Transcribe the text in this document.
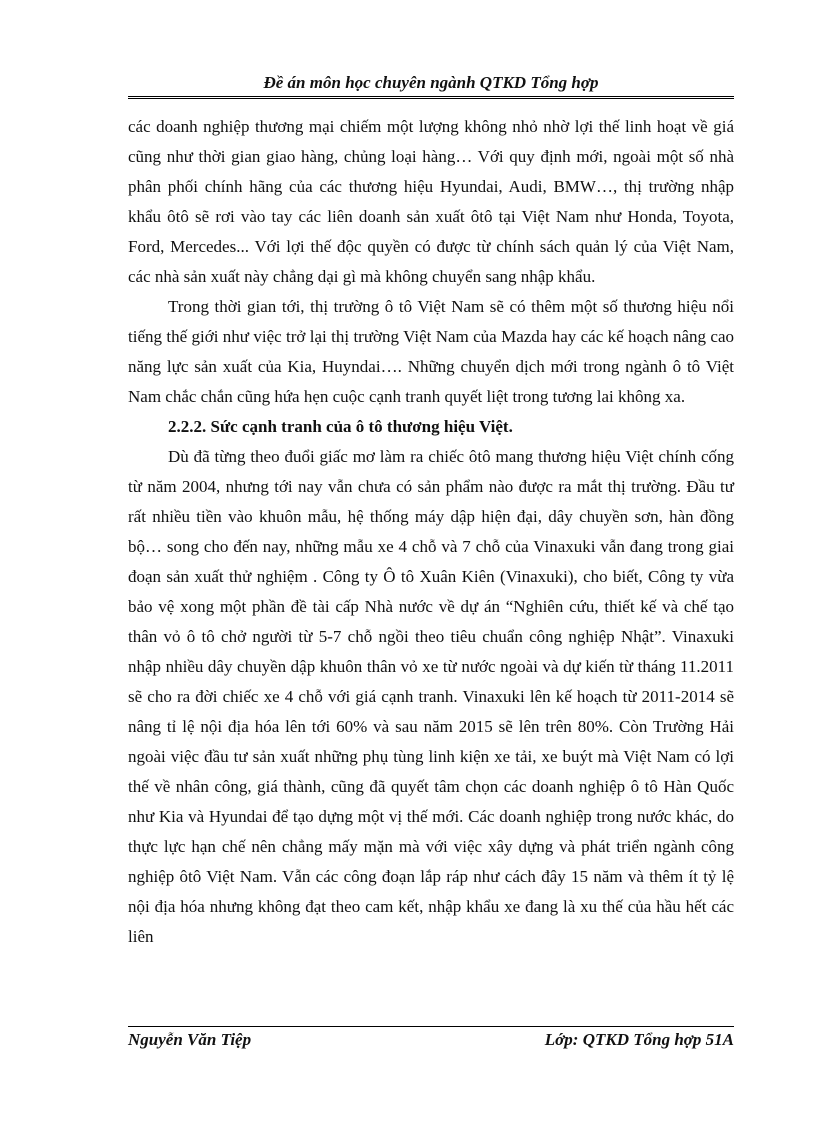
Đề án môn học chuyên ngành QTKD Tổng hợp

các doanh nghiệp thương mại chiếm một lượng không nhỏ nhờ lợi thế linh hoạt về giá cũng như thời gian giao hàng, chủng loại hàng… Với quy định mới, ngoài một số nhà phân phối chính hãng của các thương hiệu Hyundai, Audi, BMW…, thị trường nhập khẩu ôtô sẽ rơi vào tay các liên doanh sản xuất ôtô tại Việt Nam như Honda, Toyota, Ford, Mercedes... Với lợi thế độc quyền có được từ chính sách quản lý của Việt Nam, các nhà sản xuất này chẳng dại gì mà không chuyển sang nhập khẩu.

Trong thời gian tới, thị trường ô tô Việt Nam sẽ có thêm một số thương hiệu nổi tiếng thế giới như việc trở lại thị trường Việt Nam của Mazda hay các kế hoạch nâng cao năng lực sản xuất của Kia, Huyndai…. Những chuyển dịch mới trong ngành ô tô Việt Nam chắc chắn cũng hứa hẹn cuộc cạnh tranh quyết liệt trong tương lai không xa.

2.2.2. Sức cạnh tranh của ô tô thương hiệu Việt.

Dù đã từng theo đuổi giấc mơ làm ra chiếc ôtô mang thương hiệu Việt chính cống từ năm 2004, nhưng tới nay vẫn chưa có sản phẩm nào được ra mắt thị trường. Đầu tư rất nhiều tiền vào khuôn mẫu, hệ thống máy dập hiện đại, dây chuyền sơn, hàn đồng bộ… song cho đến nay, những mẫu xe 4 chỗ và 7 chỗ của Vinaxuki vẫn đang trong giai đoạn sản xuất thử nghiệm . Công ty Ô tô Xuân Kiên (Vinaxuki), cho biết, Công ty vừa bảo vệ xong một phần đề tài cấp Nhà nước về dự án “Nghiên cứu, thiết kế và chế tạo thân vỏ ô tô chở người từ 5-7 chỗ ngồi theo tiêu chuẩn công nghiệp Nhật”. Vinaxuki nhập nhiều dây chuyền dập khuôn thân vỏ xe từ nước ngoài và dự kiến từ tháng 11.2011 sẽ cho ra đời chiếc xe 4 chỗ với giá cạnh tranh. Vinaxuki lên kế hoạch từ 2011-2014 sẽ nâng tỉ lệ nội địa hóa lên tới 60% và sau năm 2015 sẽ lên trên 80%. Còn Trường Hải ngoài việc đầu tư sản xuất những phụ tùng linh kiện xe tải, xe buýt mà Việt Nam có lợi thế về nhân công, giá thành, cũng đã quyết tâm chọn các doanh nghiệp ô tô Hàn Quốc như Kia và Hyundai để tạo dựng một vị thế mới. Các doanh nghiệp trong nước khác, do thực lực hạn chế nên chẳng mấy mặn mà với việc xây dựng và phát triển ngành công nghiệp ôtô Việt Nam. Vẫn các công đoạn lắp ráp như cách đây 15 năm và thêm ít tỷ lệ nội địa hóa nhưng không đạt theo cam kết, nhập khẩu xe đang là xu thế của hầu hết các liên

Nguyễn Văn Tiệp	Lớp: QTKD Tổng hợp 51A
